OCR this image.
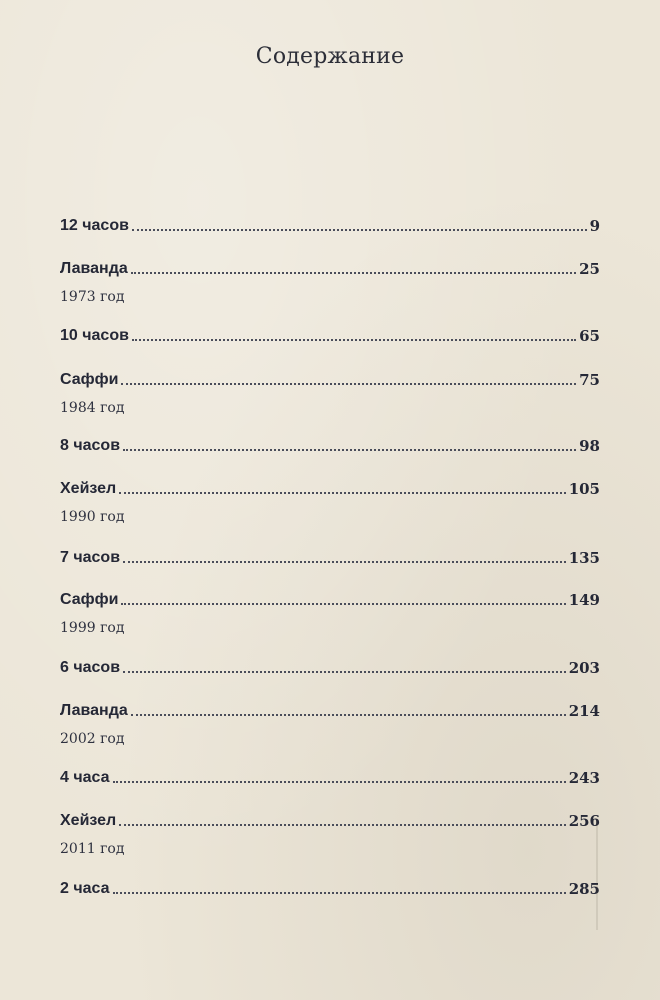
Содержание
12 часов	9
Лаванда	25
1973 год
10 часов	65
Саффи	75
1984 год
8 часов	98
Хейзел	105
1990 год
7 часов	135
Саффи	149
1999 год
6 часов	203
Лаванда	214
2002 год
4 часа	243
Хейзел	256
2011 год
2 часа	285
